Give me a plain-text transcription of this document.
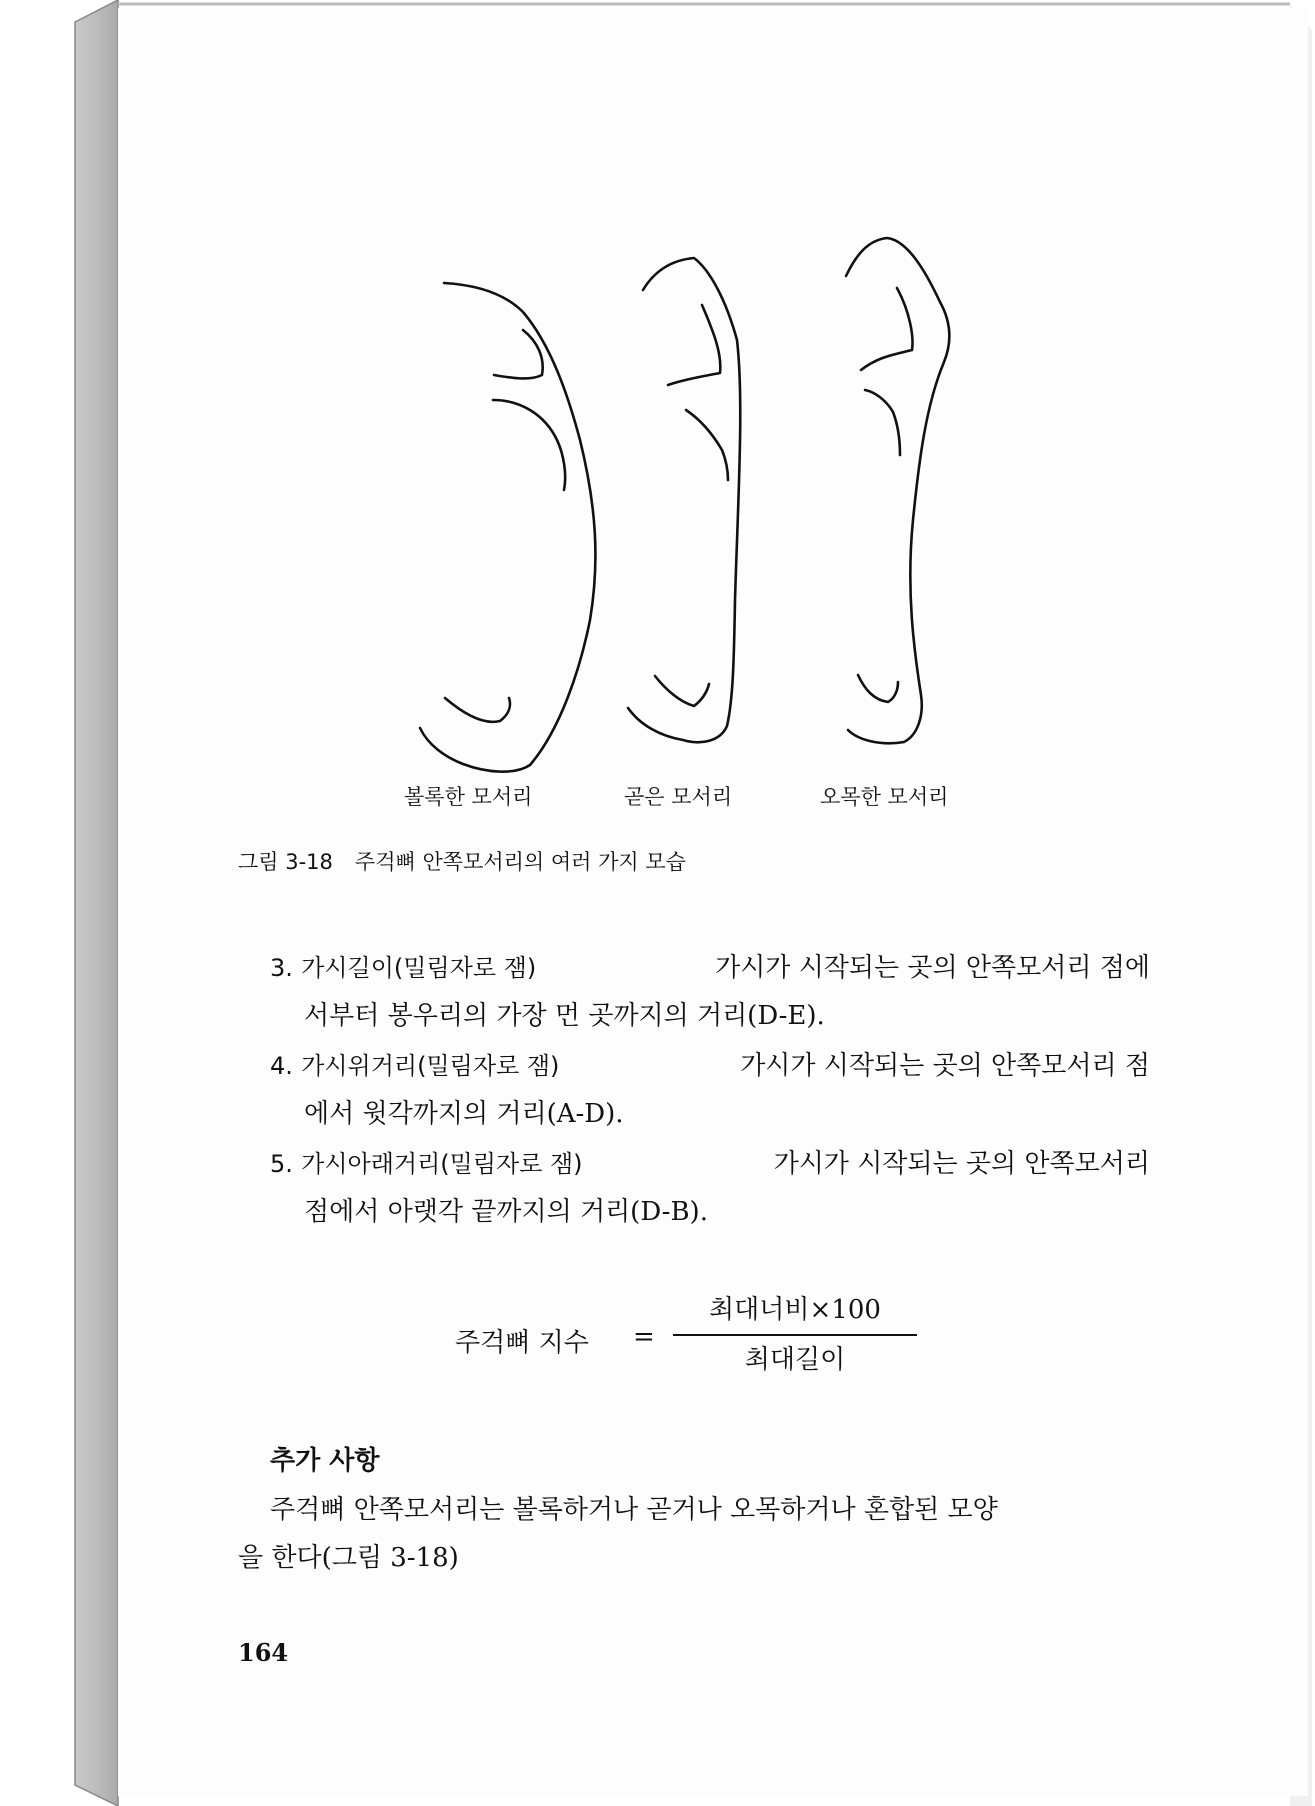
볼록한 모서리	곧은 모서리	오목한 모서리
그림 3-18 주걱뼈 안쪽모서리의 여러 가지 모습
3. 가시길이(밀림자로 잼)	가시가 시작되는 곳의 안쪽모서리 점에
서부터 봉우리의 가장 먼 곳까지의 거리(D-E).
4. 가시위거리(밀림자로 잼)	가시가 시작되는 곳의 안쪽모서리 점
에서 윗각까지의 거리(A-D).
5. 가시아래거리(밀림자로 잼)	가시가 시작되는 곳의 안쪽모서리
점에서 아랫각 끝까지의 거리(D-B).
주걱뼈 지수 =
최대너비×100
최대길이
추가 사항
주걱뼈 안쪽모서리는 볼록하거나 곧거나 오목하거나 혼합된 모양
을 한다(그림 3-18)
164
